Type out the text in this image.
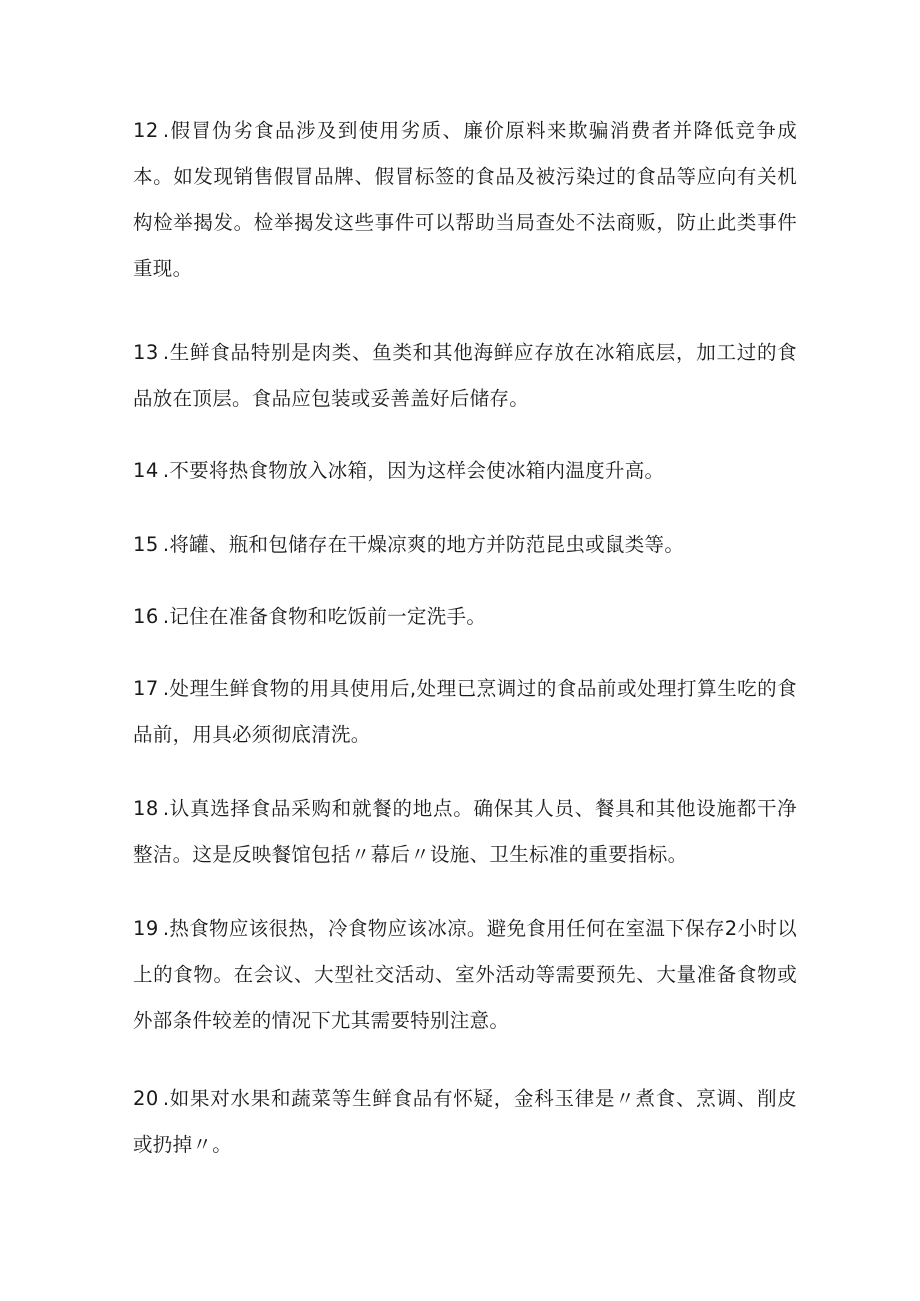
12 .假冒伪劣食品涉及到使用劣质、廉价原料来欺骗消费者并降低竞争成本。如发现销售假冒品牌、假冒标签的食品及被污染过的食品等应向有关机构检举揭发。检举揭发这些事件可以帮助当局查处不法商贩，防止此类事件重现。

13 .生鲜食品特别是肉类、鱼类和其他海鲜应存放在冰箱底层，加工过的食品放在顶层。食品应包装或妥善盖好后储存。

14 .不要将热食物放入冰箱，因为这样会使冰箱内温度升高。

15 .将罐、瓶和包储存在干燥凉爽的地方并防范昆虫或鼠类等。

16 .记住在准备食物和吃饭前一定洗手。

17 .处理生鲜食物的用具使用后,处理已烹调过的食品前或处理打算生吃的食品前，用具必须彻底清洗。

18 .认真选择食品采购和就餐的地点。确保其人员、餐具和其他设施都干净整洁。这是反映餐馆包括〃幕后〃设施、卫生标准的重要指标。

19 .热食物应该很热，冷食物应该冰凉。避免食用任何在室温下保存2小时以上的食物。在会议、大型社交活动、室外活动等需要预先、大量准备食物或外部条件较差的情况下尤其需要特别注意。

20 .如果对水果和蔬菜等生鲜食品有怀疑，金科玉律是〃煮食、烹调、削皮或扔掉〃。
